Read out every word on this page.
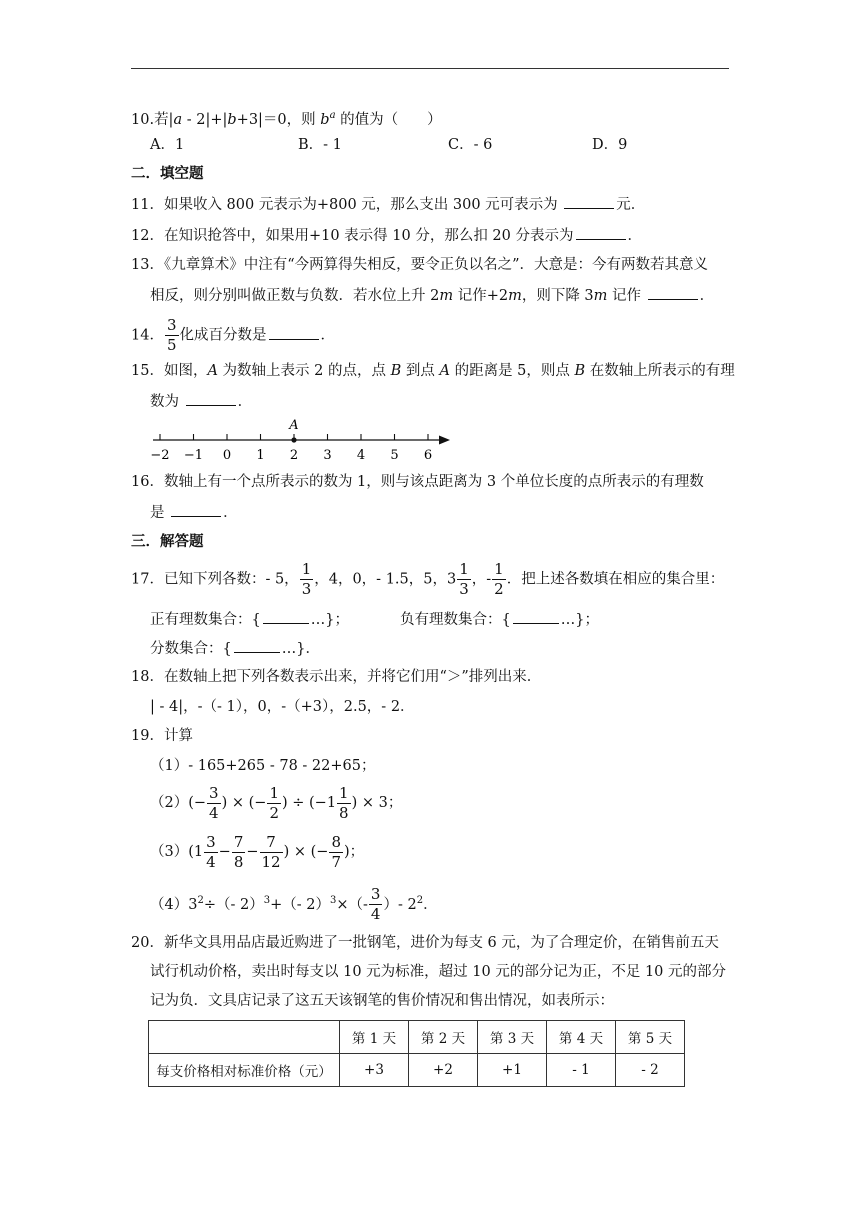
10.若|a - 2|+|b+3|＝0，则 $b^a$ 的值为（　　）
A．1	B．- 1	C．- 6	D．9
二．填空题
11．如果收入 800 元表示为+800 元，那么支出 300 元可表示为	元．
12．在知识抢答中，如果用+10 表示得 10 分，那么扣 20 分表示为	．
13．《九章算术》中注有“今两算得失相反，要令正负以名之”．大意是：今有两数若其意义
相反，则分别叫做正数与负数．若水位上升 2m 记作+2m，则下降 3m 记作	．
14． $\frac{3}{5}$ 化成百分数是	．
15．如图，A 为数轴上表示 2 的点，点 B 到点 A 的距离是 5，则点 B 在数轴上所表示的有理
数为	．
−2 −1 0 1 2 3 4 5 6
A
16．数轴上有一个点所表示的数为 1，则与该点距离为 3 个单位长度的点所表示的有理数
是	．
三．解答题
17．已知下列各数：- 5， $\frac{1}{3}$ ，4，0，- 1.5，5，$3 \frac{1}{3}$ ，- $\frac{1}{2}$ ．把上述各数填在相应的集合里：
正有理数集合：{	…}；	负有理数集合：{	…}；
分数集合：{	…}．
18．在数轴上把下列各数表示出来，并将它们用“＞”排列出来．
| - 4|，-（- 1），0，-（+3），2.5，- 2．
19．计算
（1）- 165+265 - 78 - 22+65；
$(2)(- \frac{3}{4}$ ) × (− $\frac{1}{2}$ ) ÷ ($-1 \frac{1}{8}$ ) × 3；
$(3)(1 \frac{3}{4} - \frac{7}{8} - \frac{7}{12}$ ) × (− $\frac{8}{7}$ )；
$(4)3^2\div(-$ 2）$^3$+（- $2)^3\times(- \frac{3}{4}$ ）- $2^2$．
20．新华文具用品店最近购进了一批钢笔，进价为每支 6 元，为了合理定价，在销售前五天
试行机动价格，卖出时每支以 10 元为标准，超过 10 元的部分记为正，不足 10 元的部分
记为负．文具店记录了这五天该钢笔的售价情况和售出情况，如表所示：
	第 1 天	第 2 天	第 3 天	第 4 天	第 5 天
每支价格相对标准价格（元）	+3	+2	+1	- 1	- 2
